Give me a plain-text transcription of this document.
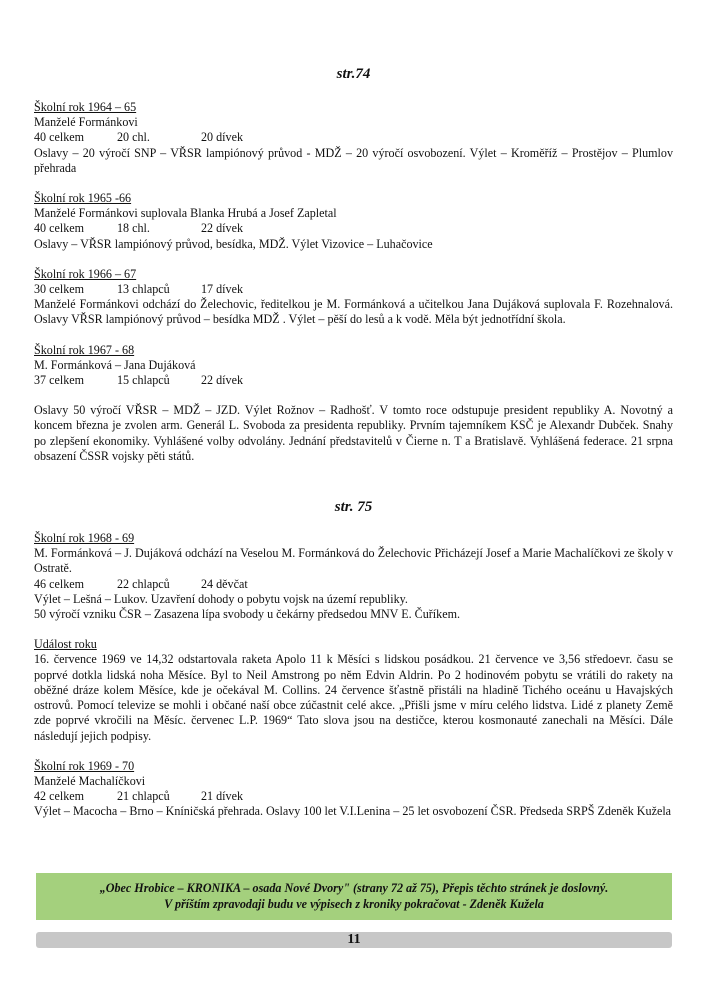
str.74
Školní rok 1964 – 65
Manželé Formánkovi
40 celkem	20 chl.	20 dívek
Oslavy – 20 výročí SNP – VŘSR lampiónový průvod - MDŽ – 20 výročí osvobození. Výlet – Kroměříž – Prostějov – Plumlov přehrada
Školní rok 1965 -66
Manželé Formánkovi suplovala Blanka Hrubá a Josef Zapletal
40 celkem	18 chl.	22 dívek
Oslavy – VŘSR lampiónový průvod, besídka, MDŽ. Výlet Vizovice – Luhačovice
Školní rok 1966 – 67
30 celkem	13 chlapců	17 dívek
Manželé Formánkovi odchází do Želechovic, ředitelkou je M. Formánková a učitelkou Jana Dujáková suplovala F. Rozehnalová. Oslavy VŘSR lampiónový průvod – besídka MDŽ . Výlet – pěší do lesů a k vodě. Měla být jednotřídní škola.
Školní rok 1967 - 68
M. Formánková – Jana Dujáková
37 celkem	15 chlapců	22 dívek
Oslavy 50 výročí VŘSR – MDŽ – JZD. Výlet Rožnov – Radhošť. V tomto roce odstupuje president republiky A. Novotný a koncem března je zvolen arm. Generál L. Svoboda za presidenta republiky. Prvním tajemníkem KSČ je Alexandr Dubček. Snahy po zlepšení ekonomiky. Vyhlášené volby odvolány. Jednání představitelů v Čierne n. T a Bratislavě. Vyhlášená federace. 21 srpna obsazení ČSSR vojsky pěti států.
str. 75
Školní rok 1968 - 69
M. Formánková – J. Dujáková odchází na Veselou M. Formánková do Želechovic Přicházejí Josef a Marie Machalíčkovi ze školy v Ostratě.
46 celkem	22 chlapců	24 děvčat
Výlet – Lešná – Lukov. Uzavření dohody o pobytu vojsk na území republiky.
50 výročí vzniku ČSR – Zasazena lípa svobody u čekárny předsedou MNV E. Čuříkem.
Událost roku
16. července 1969 ve 14,32 odstartovala raketa Apolo 11 k Měsíci s lidskou posádkou. 21 července ve 3,56 středoevr. času se poprvé dotkla lidská noha Měsíce. Byl to Neil Amstrong po něm Edvin Aldrin. Po 2 hodinovém pobytu se vrátili do rakety na oběžné dráze kolem Měsíce, kde je očekával M. Collins. 24 července šťastně přistáli na hladině Tichého oceánu u Havajských ostrovů. Pomocí televize se mohli i občané naší obce zúčastnit celé akce. „Přišli jsme v míru celého lidstva. Lidé z planety Země zde poprvé vkročili na Měsíc. červenec L.P. 1969“ Tato slova jsou na destičce, kterou kosmonauté zanechali na Měsíci. Dále následují jejich podpisy.
Školní rok 1969 - 70
Manželé Machalíčkovi
42 celkem	21 chlapců	21 dívek
Výlet – Macocha – Brno – Kníničská přehrada. Oslavy 100 let V.I.Lenina – 25 let osvobození ČSR. Předseda SRPŠ Zdeněk Kužela
„Obec Hrobice – KRONIKA – osada Nové Dvory" (strany 72 až 75), Přepis těchto stránek je doslovný.
V příštím zpravodaji budu ve výpisech z kroniky pokračovat - Zdeněk Kužela
11
